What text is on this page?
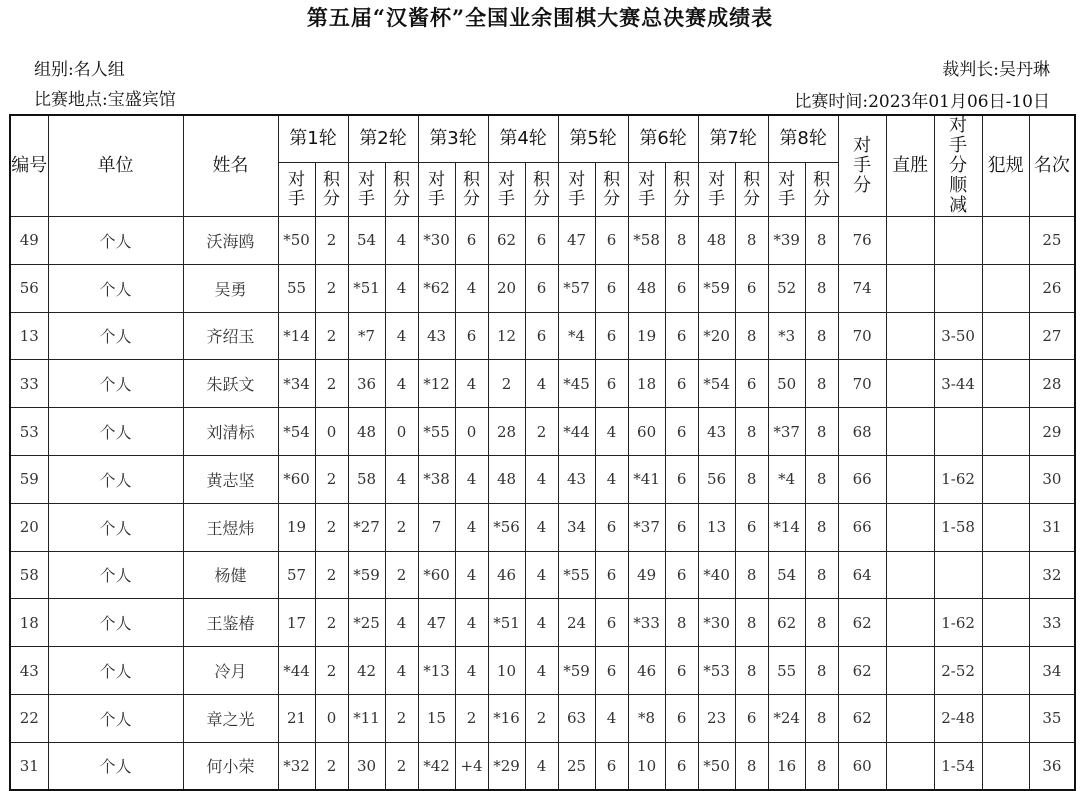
第五届“汉酱杯”全国业余围棋大赛总决赛成绩表
组别:名人组
比赛地点:宝盛宾馆
裁判长:吴丹琳
比赛时间:2023年01月06日-10日
编号	单位	姓名	第1轮		第2轮		第3轮		第4轮		第5轮		第6轮		第7轮		第8轮		对手分	直胜	对手分顺减	犯规	名次
			对手	积分	对手	积分	对手	积分	对手	积分	对手	积分	对手	积分	对手	积分	对手	积分					
49	个人	沃海鸥	*50	2	54	4	*30	6	62	6	47	6	*58	8	48	8	*39	8	76				25
56	个人	吴勇	55	2	*51	4	*62	4	20	6	*57	6	48	6	*59	6	52	8	74				26
13	个人	齐绍玉	*14	2	*7	4	43	6	12	6	*4	6	19	6	*20	8	*3	8	70		3-50		27
33	个人	朱跃文	*34	2	36	4	*12	4	2	4	*45	6	18	6	*54	6	50	8	70		3-44		28
53	个人	刘清标	*54	0	48	0	*55	0	28	2	*44	4	60	6	43	8	*37	8	68				29
59	个人	黄志坚	*60	2	58	4	*38	4	48	4	43	4	*41	6	56	8	*4	8	66		1-62		30
20	个人	王煜炜	19	2	*27	2	7	4	*56	4	34	6	*37	6	13	6	*14	8	66		1-58		31
58	个人	杨健	57	2	*59	2	*60	4	46	4	*55	6	49	6	*40	8	54	8	64				32
18	个人	王鉴椿	17	2	*25	4	47	4	*51	4	24	6	*33	8	*30	8	62	8	62		1-62		33
43	个人	冷月	*44	2	42	4	*13	4	10	4	*59	6	46	6	*53	8	55	8	62		2-52		34
22	个人	章之光	21	0	*11	2	15	2	*16	2	63	4	*8	6	23	6	*24	8	62		2-48		35
31	个人	何小荣	*32	2	30	2	*42	+4	*29	4	25	6	10	6	*50	8	16	8	60		1-54		36
